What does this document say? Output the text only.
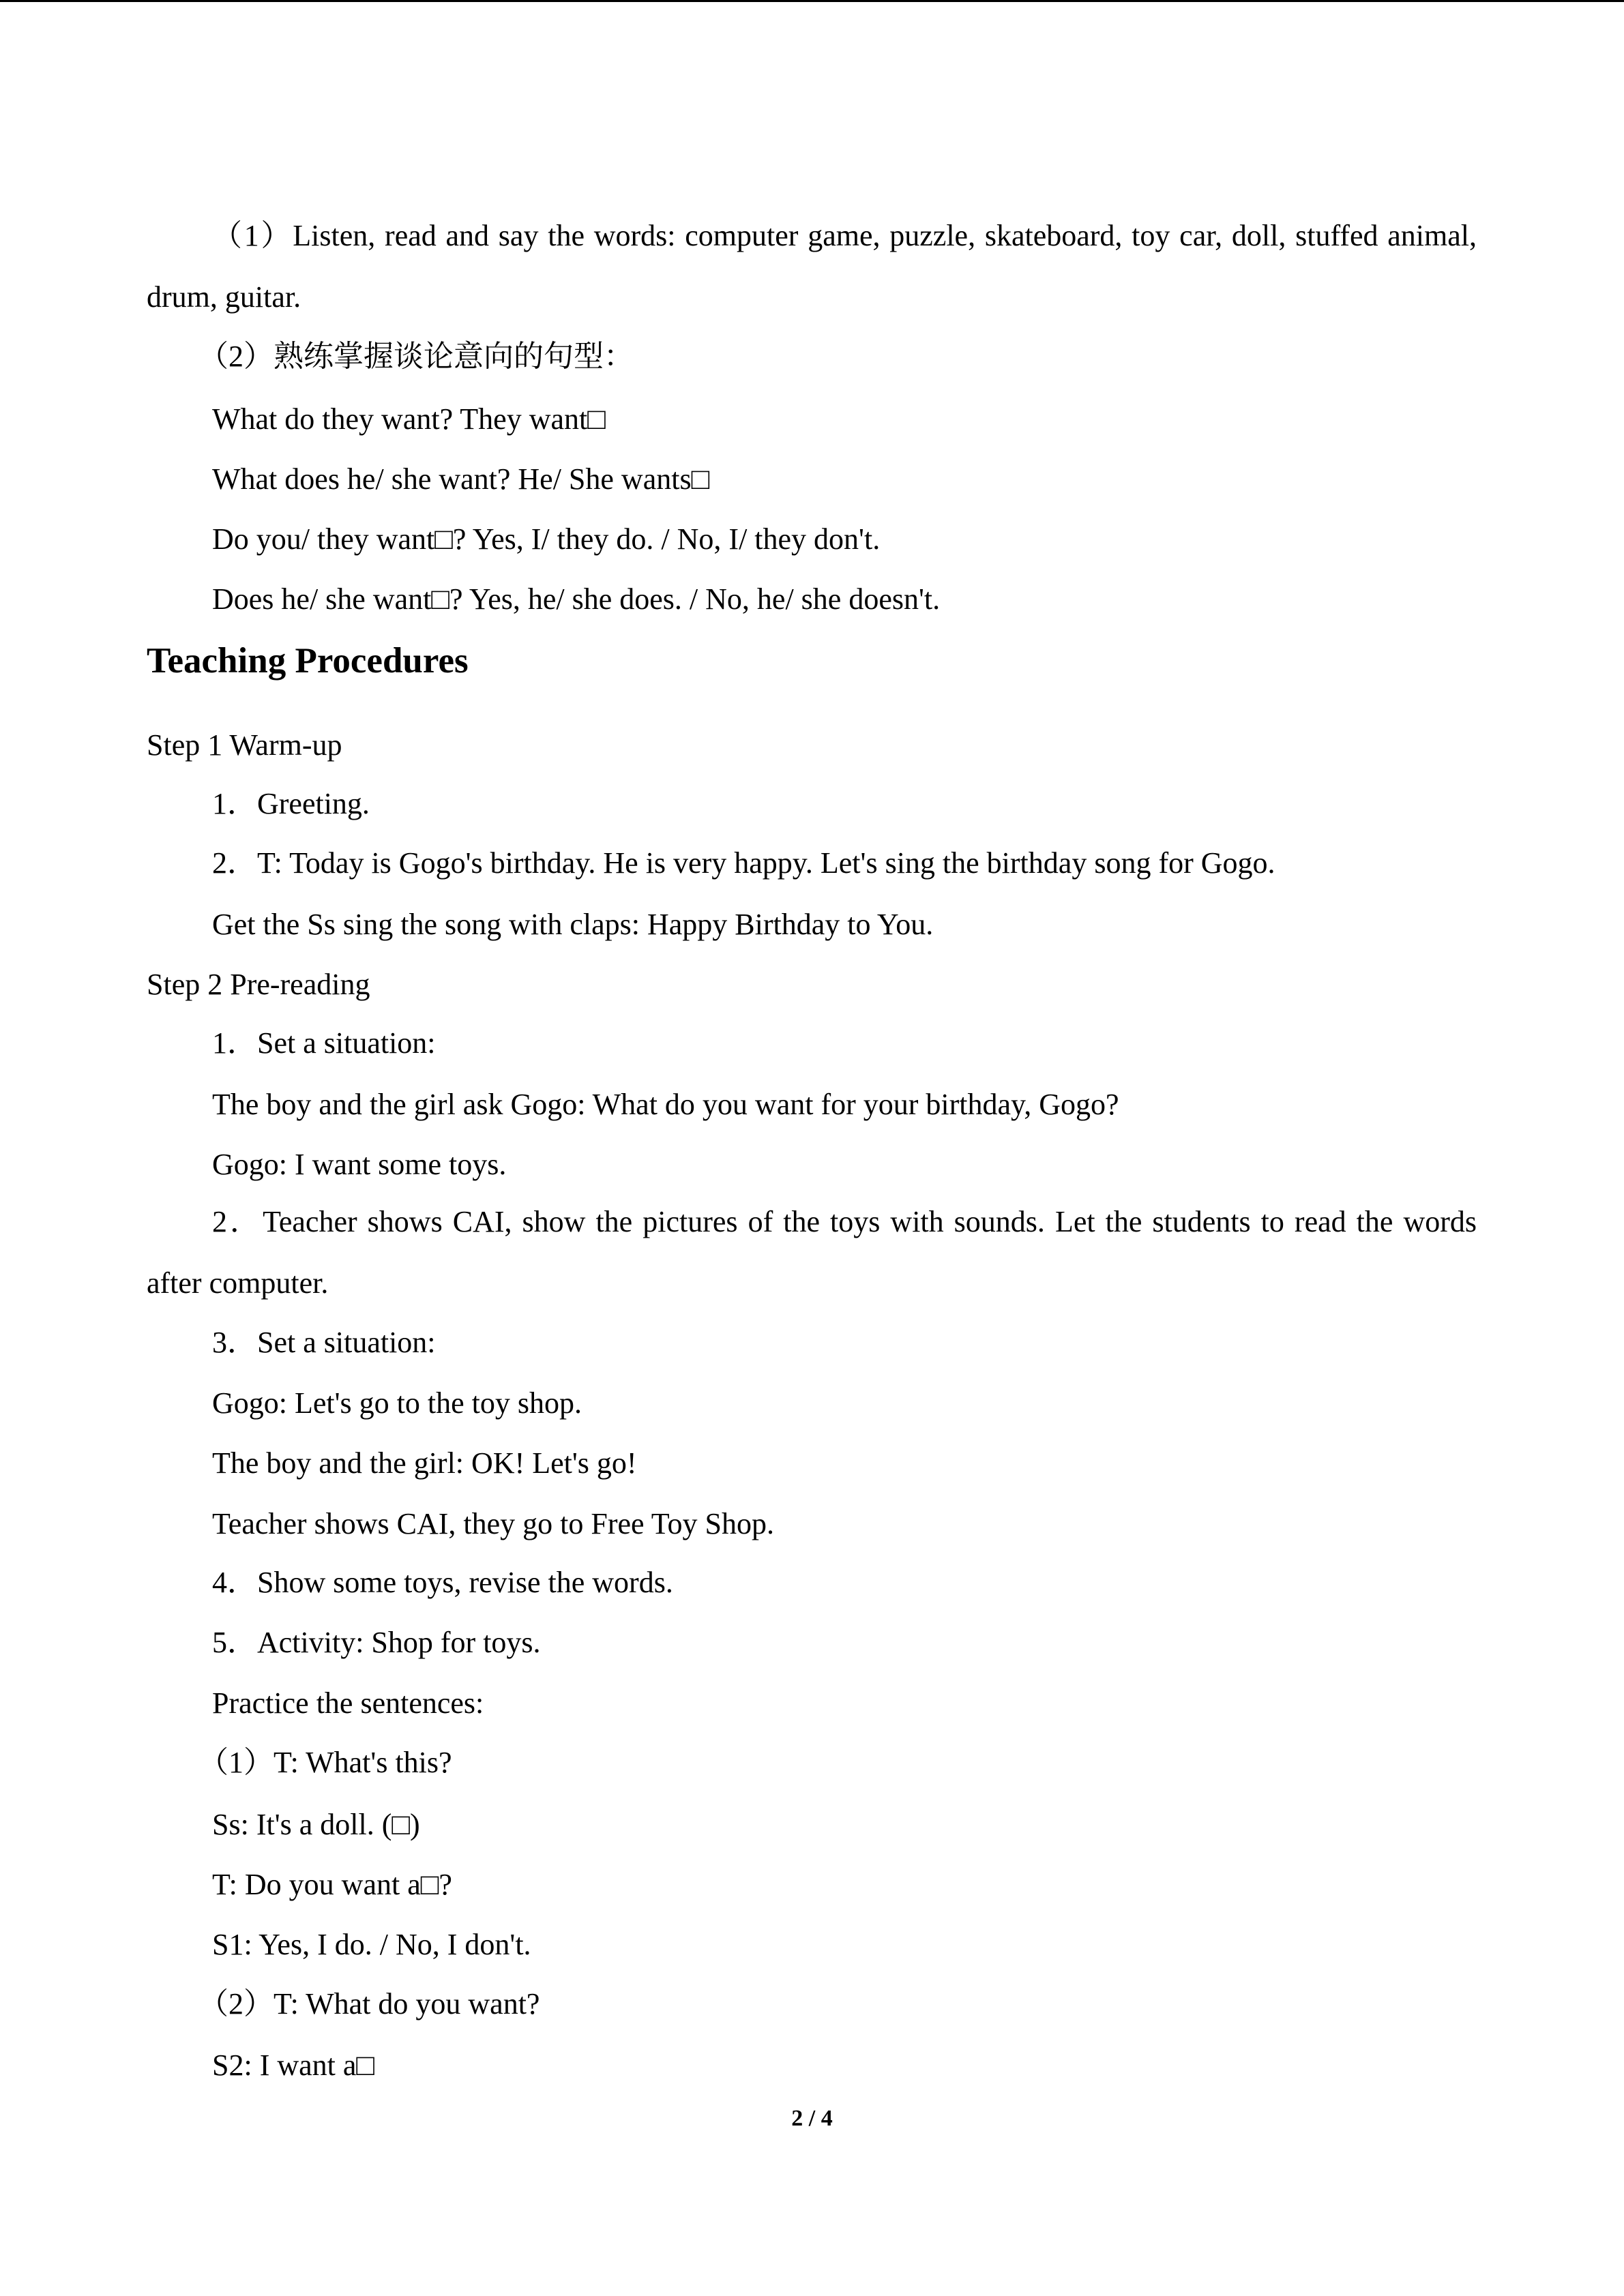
（1）Listen, read and say the words: computer game, puzzle, skateboard, toy car, doll, stuffed animal, drum, guitar.
（2）熟练掌握谈论意向的句型：
What do they want? They want□
What does he/ she want? He/ She wants□
Do you/ they want□? Yes, I/ they do. / No, I/ they don't.
Does he/ she want□? Yes, he/ she does. / No, he/ she doesn't.
Teaching Procedures
Step 1 Warm-up
1．Greeting.
2．T: Today is Gogo's birthday. He is very happy. Let's sing the birthday song for Gogo.
Get the Ss sing the song with claps: Happy Birthday to You.
Step 2 Pre-reading
1．Set a situation:
The boy and the girl ask Gogo: What do you want for your birthday, Gogo?
Gogo: I want some toys.
2．Teacher shows CAI, show the pictures of the toys with sounds. Let the students to read the words after computer.
3．Set a situation:
Gogo: Let's go to the toy shop.
The boy and the girl: OK! Let's go!
Teacher shows CAI, they go to Free Toy Shop.
4．Show some toys, revise the words.
5．Activity: Shop for toys.
Practice the sentences:
（1）T: What's this?
Ss: It's a doll. (□)
T: Do you want a□?
S1: Yes, I do. / No, I don't.
（2）T: What do you want?
S2: I want a□
2 / 4
